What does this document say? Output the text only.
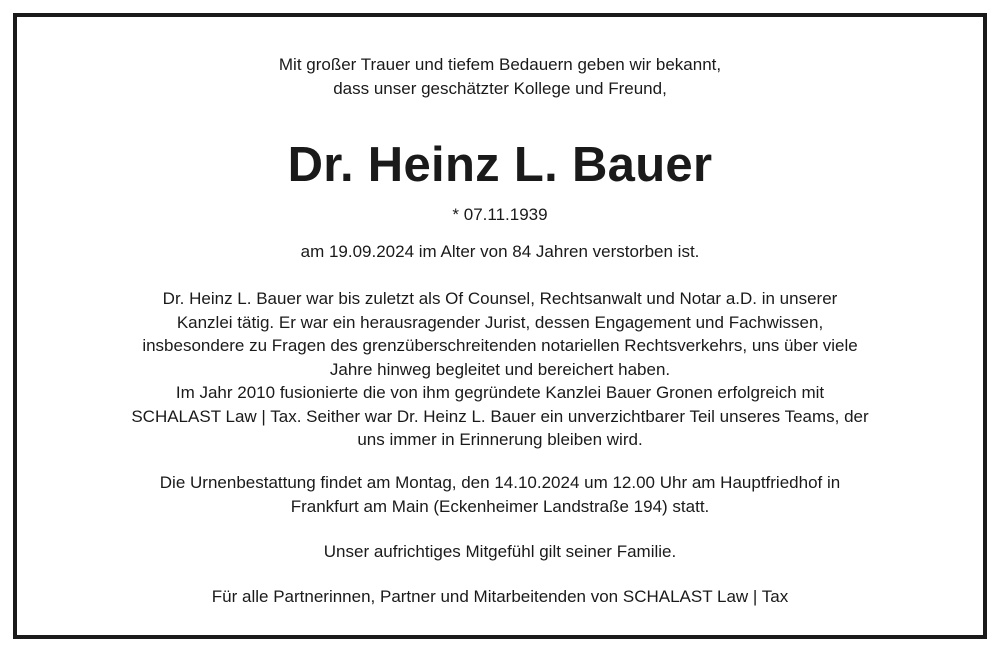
Mit großer Trauer und tiefem Bedauern geben wir bekannt,

dass unser geschätzter Kollege und Freund,

Dr. Heinz L. Bauer
* 07.11.1939
am 19.09.2024 im Alter von 84 Jahren verstorben ist.

Dr. Heinz L. Bauer war bis zuletzt als Of Counsel, Rechtsanwalt und Notar a.D. in unserer

Kanzlei tätig. Er war ein herausragender Jurist, dessen Engagement und Fachwissen,

insbesondere zu Fragen des grenzüberschreitenden notariellen Rechtsverkehrs, uns über viele

Jahre hinweg begleitet und bereichert haben.

Im Jahr 2010 fusionierte die von ihm gegründete Kanzlei Bauer Gronen erfolgreich mit

SCHALAST Law | Tax. Seither war Dr. Heinz L. Bauer ein unverzichtbarer Teil unseres Teams, der

uns immer in Erinnerung bleiben wird.

Die Urnenbestattung findet am Montag, den 14.10.2024 um 12.00 Uhr am Hauptfriedhof in

Frankfurt am Main (Eckenheimer Landstraße 194) statt.

Unser aufrichtiges Mitgefühl gilt seiner Familie.
Für alle Partnerinnen, Partner und Mitarbeitenden von SCHALAST Law | Tax
